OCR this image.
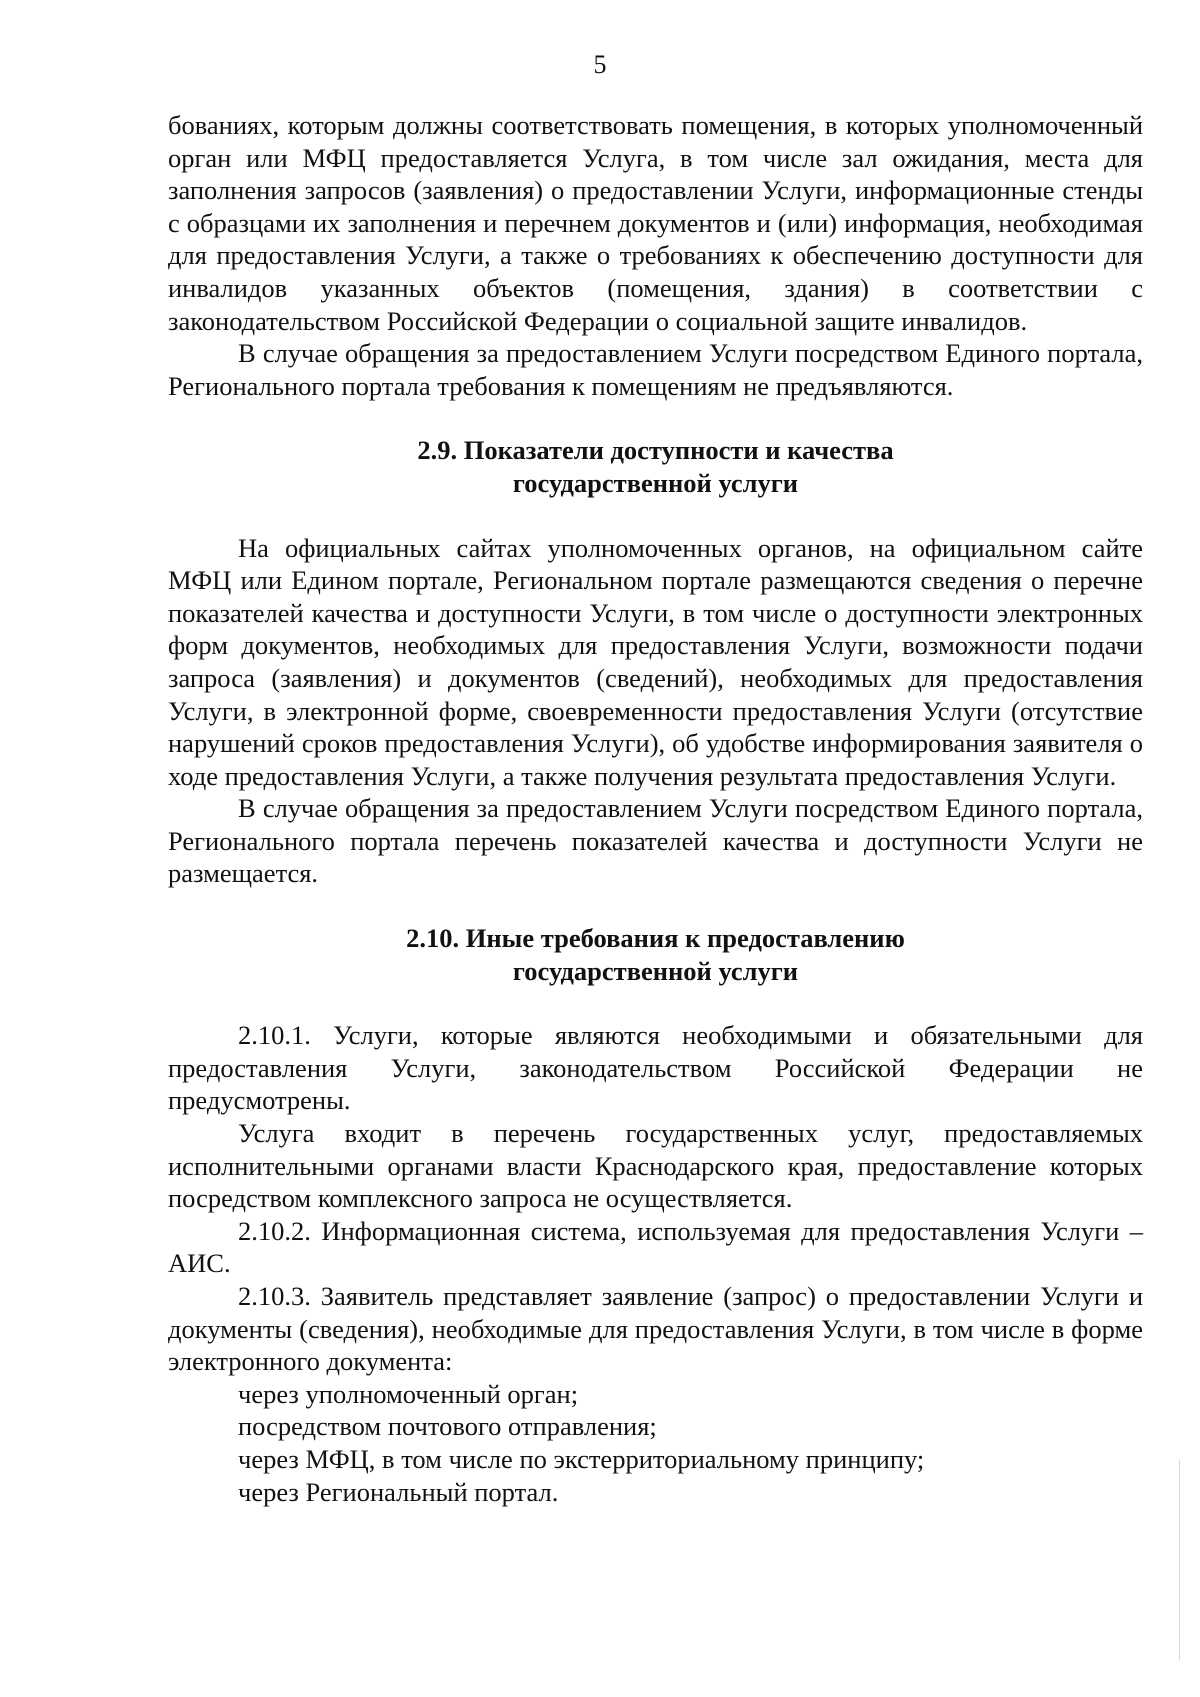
5

бованиях, которым должны соответствовать помещения, в которых уполномоченный орган или МФЦ предоставляется Услуга, в том числе зал ожидания, места для заполнения запросов (заявления) о предоставлении Услуги, информационные стенды с образцами их заполнения и перечнем документов и (или) информация, необходимая для предоставления Услуги, а также о требованиях к обеспечению доступности для инвалидов указанных объектов (помещения, здания) в соответствии с законодательством Российской Федерации о социальной защите инвалидов.

В случае обращения за предоставлением Услуги посредством Единого портала, Регионального портала требования к помещениям не предъявляются.

2.9. Показатели доступности и качества

государственной услуги

На официальных сайтах уполномоченных органов, на официальном сайте МФЦ или Едином портале, Региональном портале размещаются сведения о перечне показателей качества и доступности Услуги, в том числе о доступности электронных форм документов, необходимых для предоставления Услуги, возможности подачи запроса (заявления) и документов (сведений), необходимых для предоставления Услуги, в электронной форме, своевременности предоставления Услуги (отсутствие нарушений сроков предоставления Услуги), об удобстве информирования заявителя о ходе предоставления Услуги, а также получения результата предоставления Услуги.

В случае обращения за предоставлением Услуги посредством Единого портала, Регионального портала перечень показателей качества и доступности Услуги не размещается.

2.10. Иные требования к предоставлению

государственной услуги

2.10.1. Услуги, которые являются необходимыми и обязательными для предоставления Услуги, законодательством Российской Федерации не предусмотрены.

Услуга входит в перечень государственных услуг, предоставляемых исполнительными органами власти Краснодарского края, предоставление которых посредством комплексного запроса не осуществляется.

2.10.2. Информационная система, используемая для предоставления Услуги – АИС.

2.10.3. Заявитель представляет заявление (запрос) о предоставлении Услуги и документы (сведения), необходимые для предоставления Услуги, в том числе в форме электронного документа:

через уполномоченный орган;

посредством почтового отправления;

через МФЦ, в том числе по экстерриториальному принципу;

через Региональный портал.
